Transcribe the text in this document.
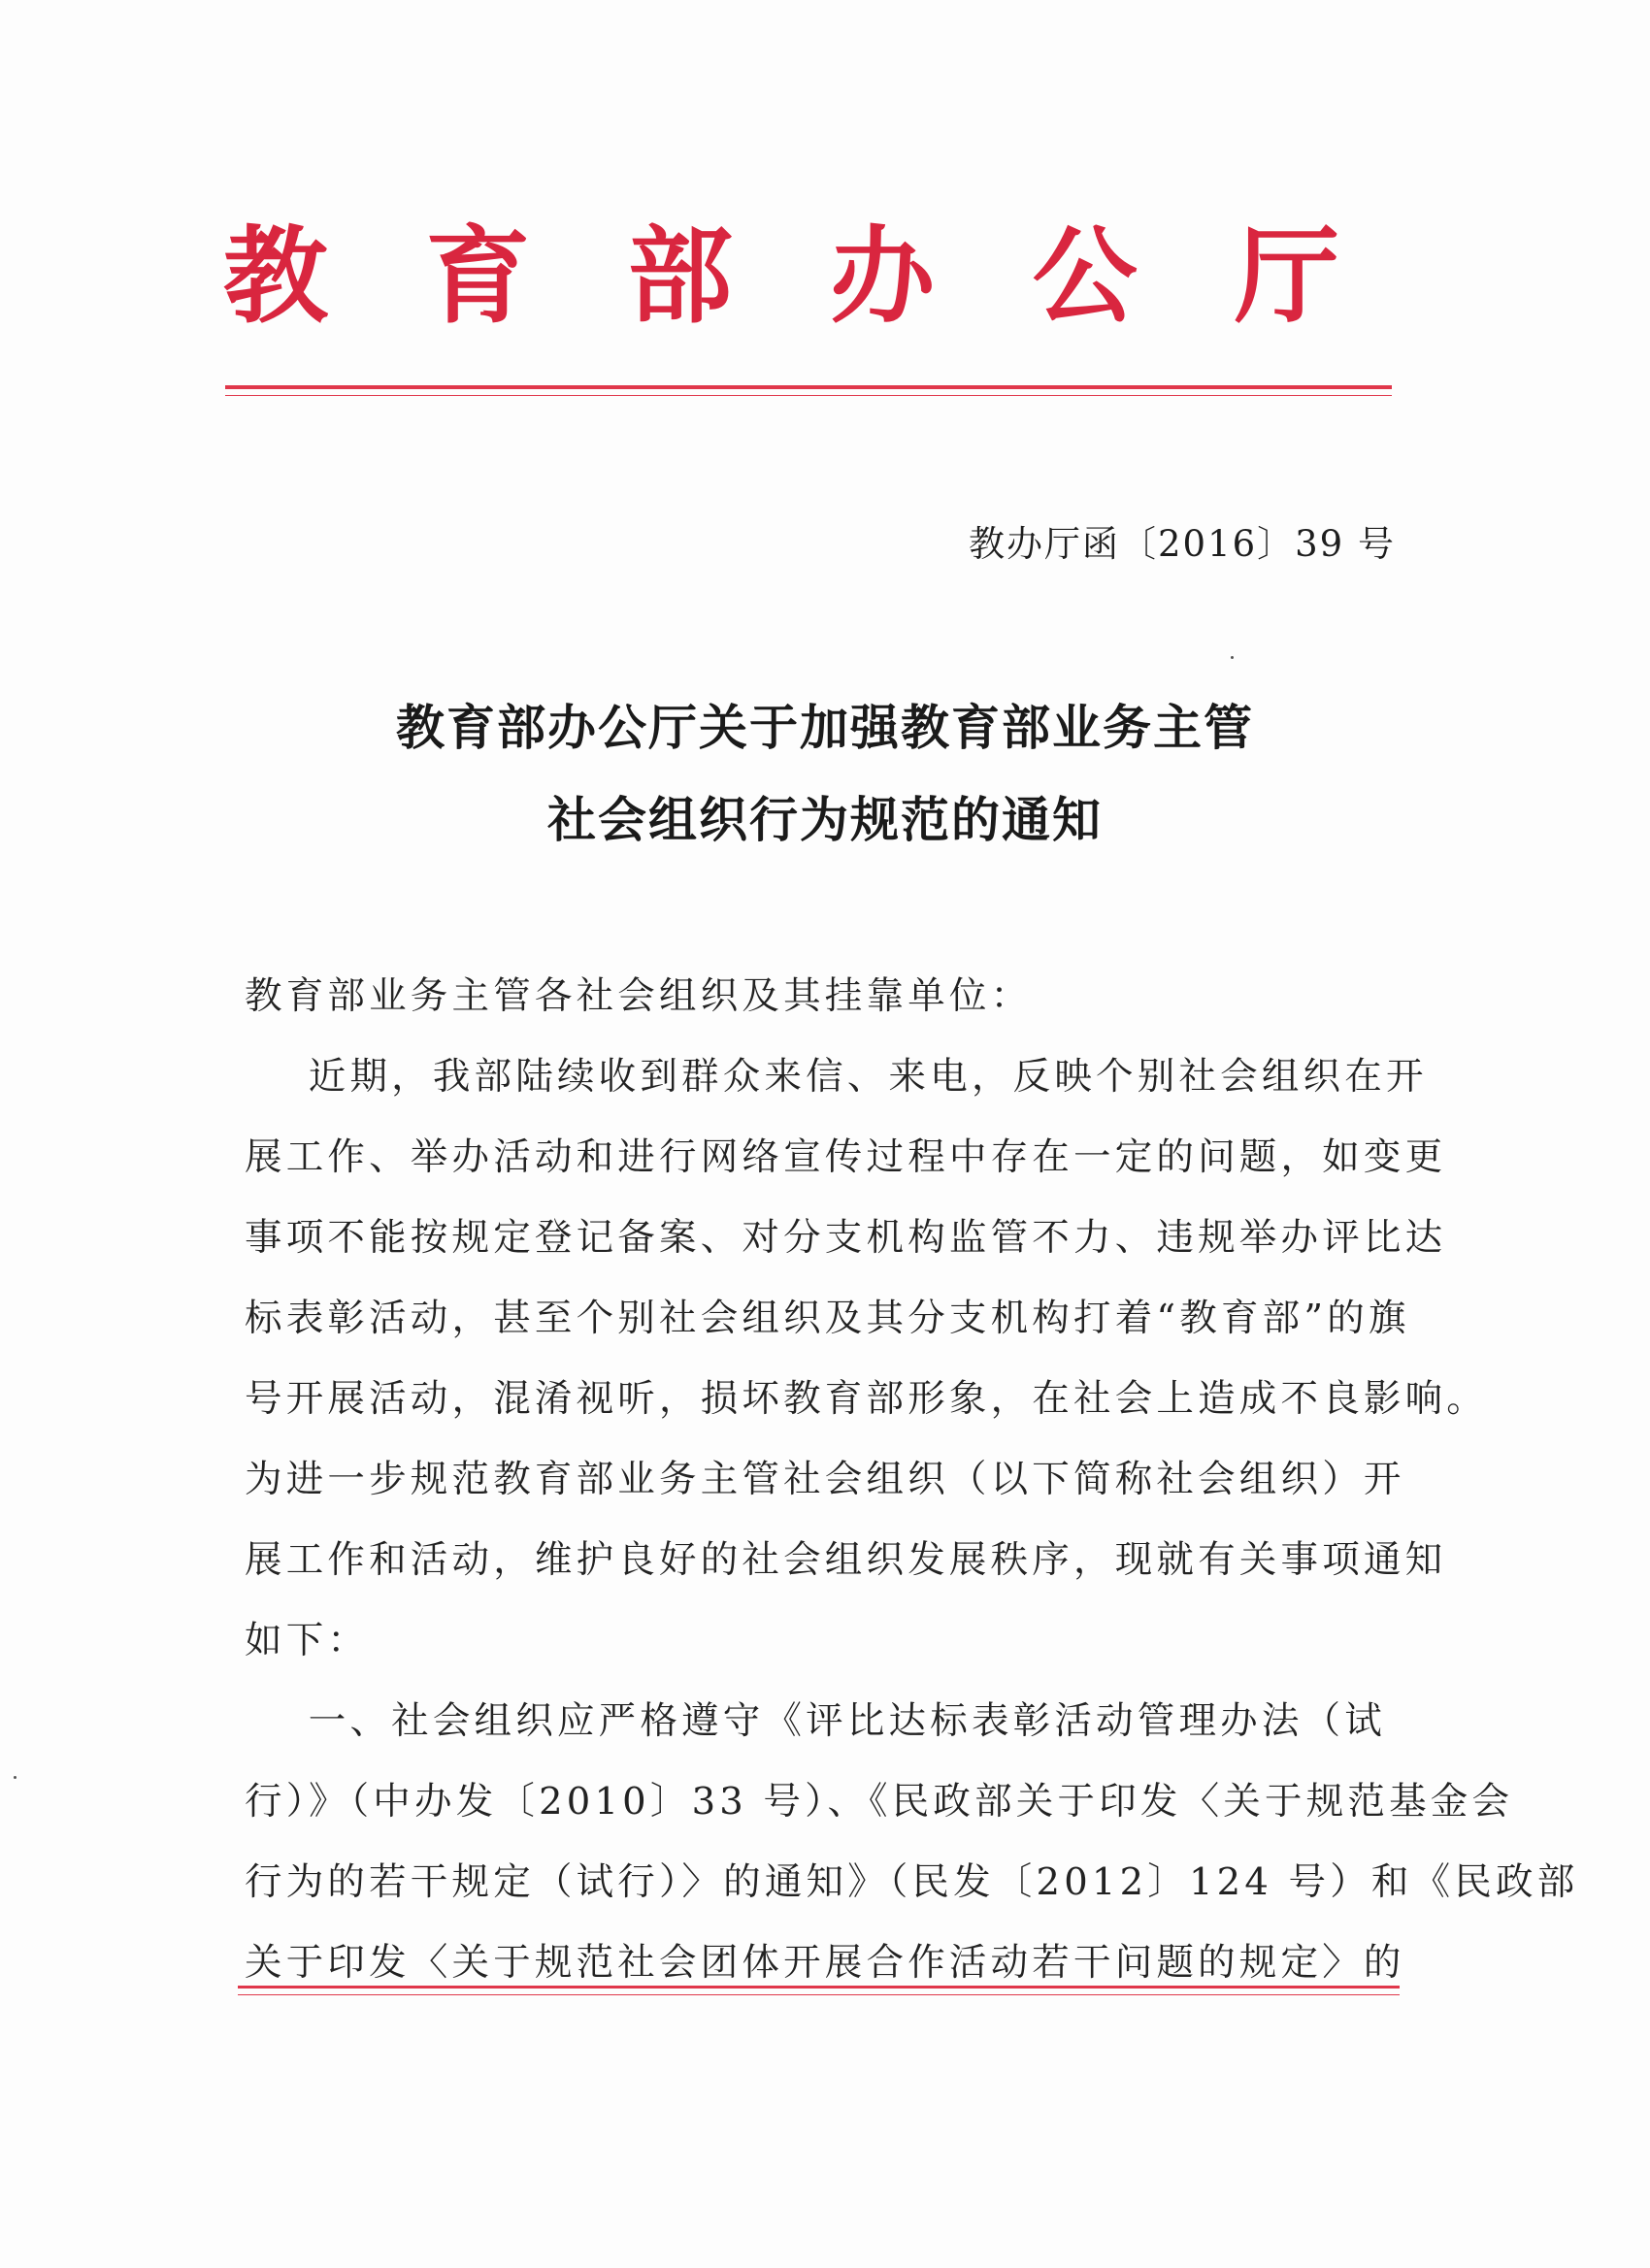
教 育 部 办 公 厅
教办厅函〔2016〕39 号
教育部办公厅关于加强教育部业务主管
社会组织行为规范的通知

教育部业务主管各社会组织及其挂靠单位：

近期，我部陆续收到群众来信、来电，反映个别社会组织在开

展工作、举办活动和进行网络宣传过程中存在一定的问题，如变更

事项不能按规定登记备案、对分支机构监管不力、违规举办评比达

标表彰活动，甚至个别社会组织及其分支机构打着“教育部”的旗

号开展活动，混淆视听，损坏教育部形象，在社会上造成不良影响。

为进一步规范教育部业务主管社会组织（以下简称社会组织）开

展工作和活动，维护良好的社会组织发展秩序，现就有关事项通知

如下：

一、社会组织应严格遵守《评比达标表彰活动管理办法（试

行）》（中办发〔2010〕33 号）、《民政部关于印发〈关于规范基金会

行为的若干规定（试行）〉的通知》（民发〔2012〕124 号）和《民政部

关于印发〈关于规范社会团体开展合作活动若干问题的规定〉的
